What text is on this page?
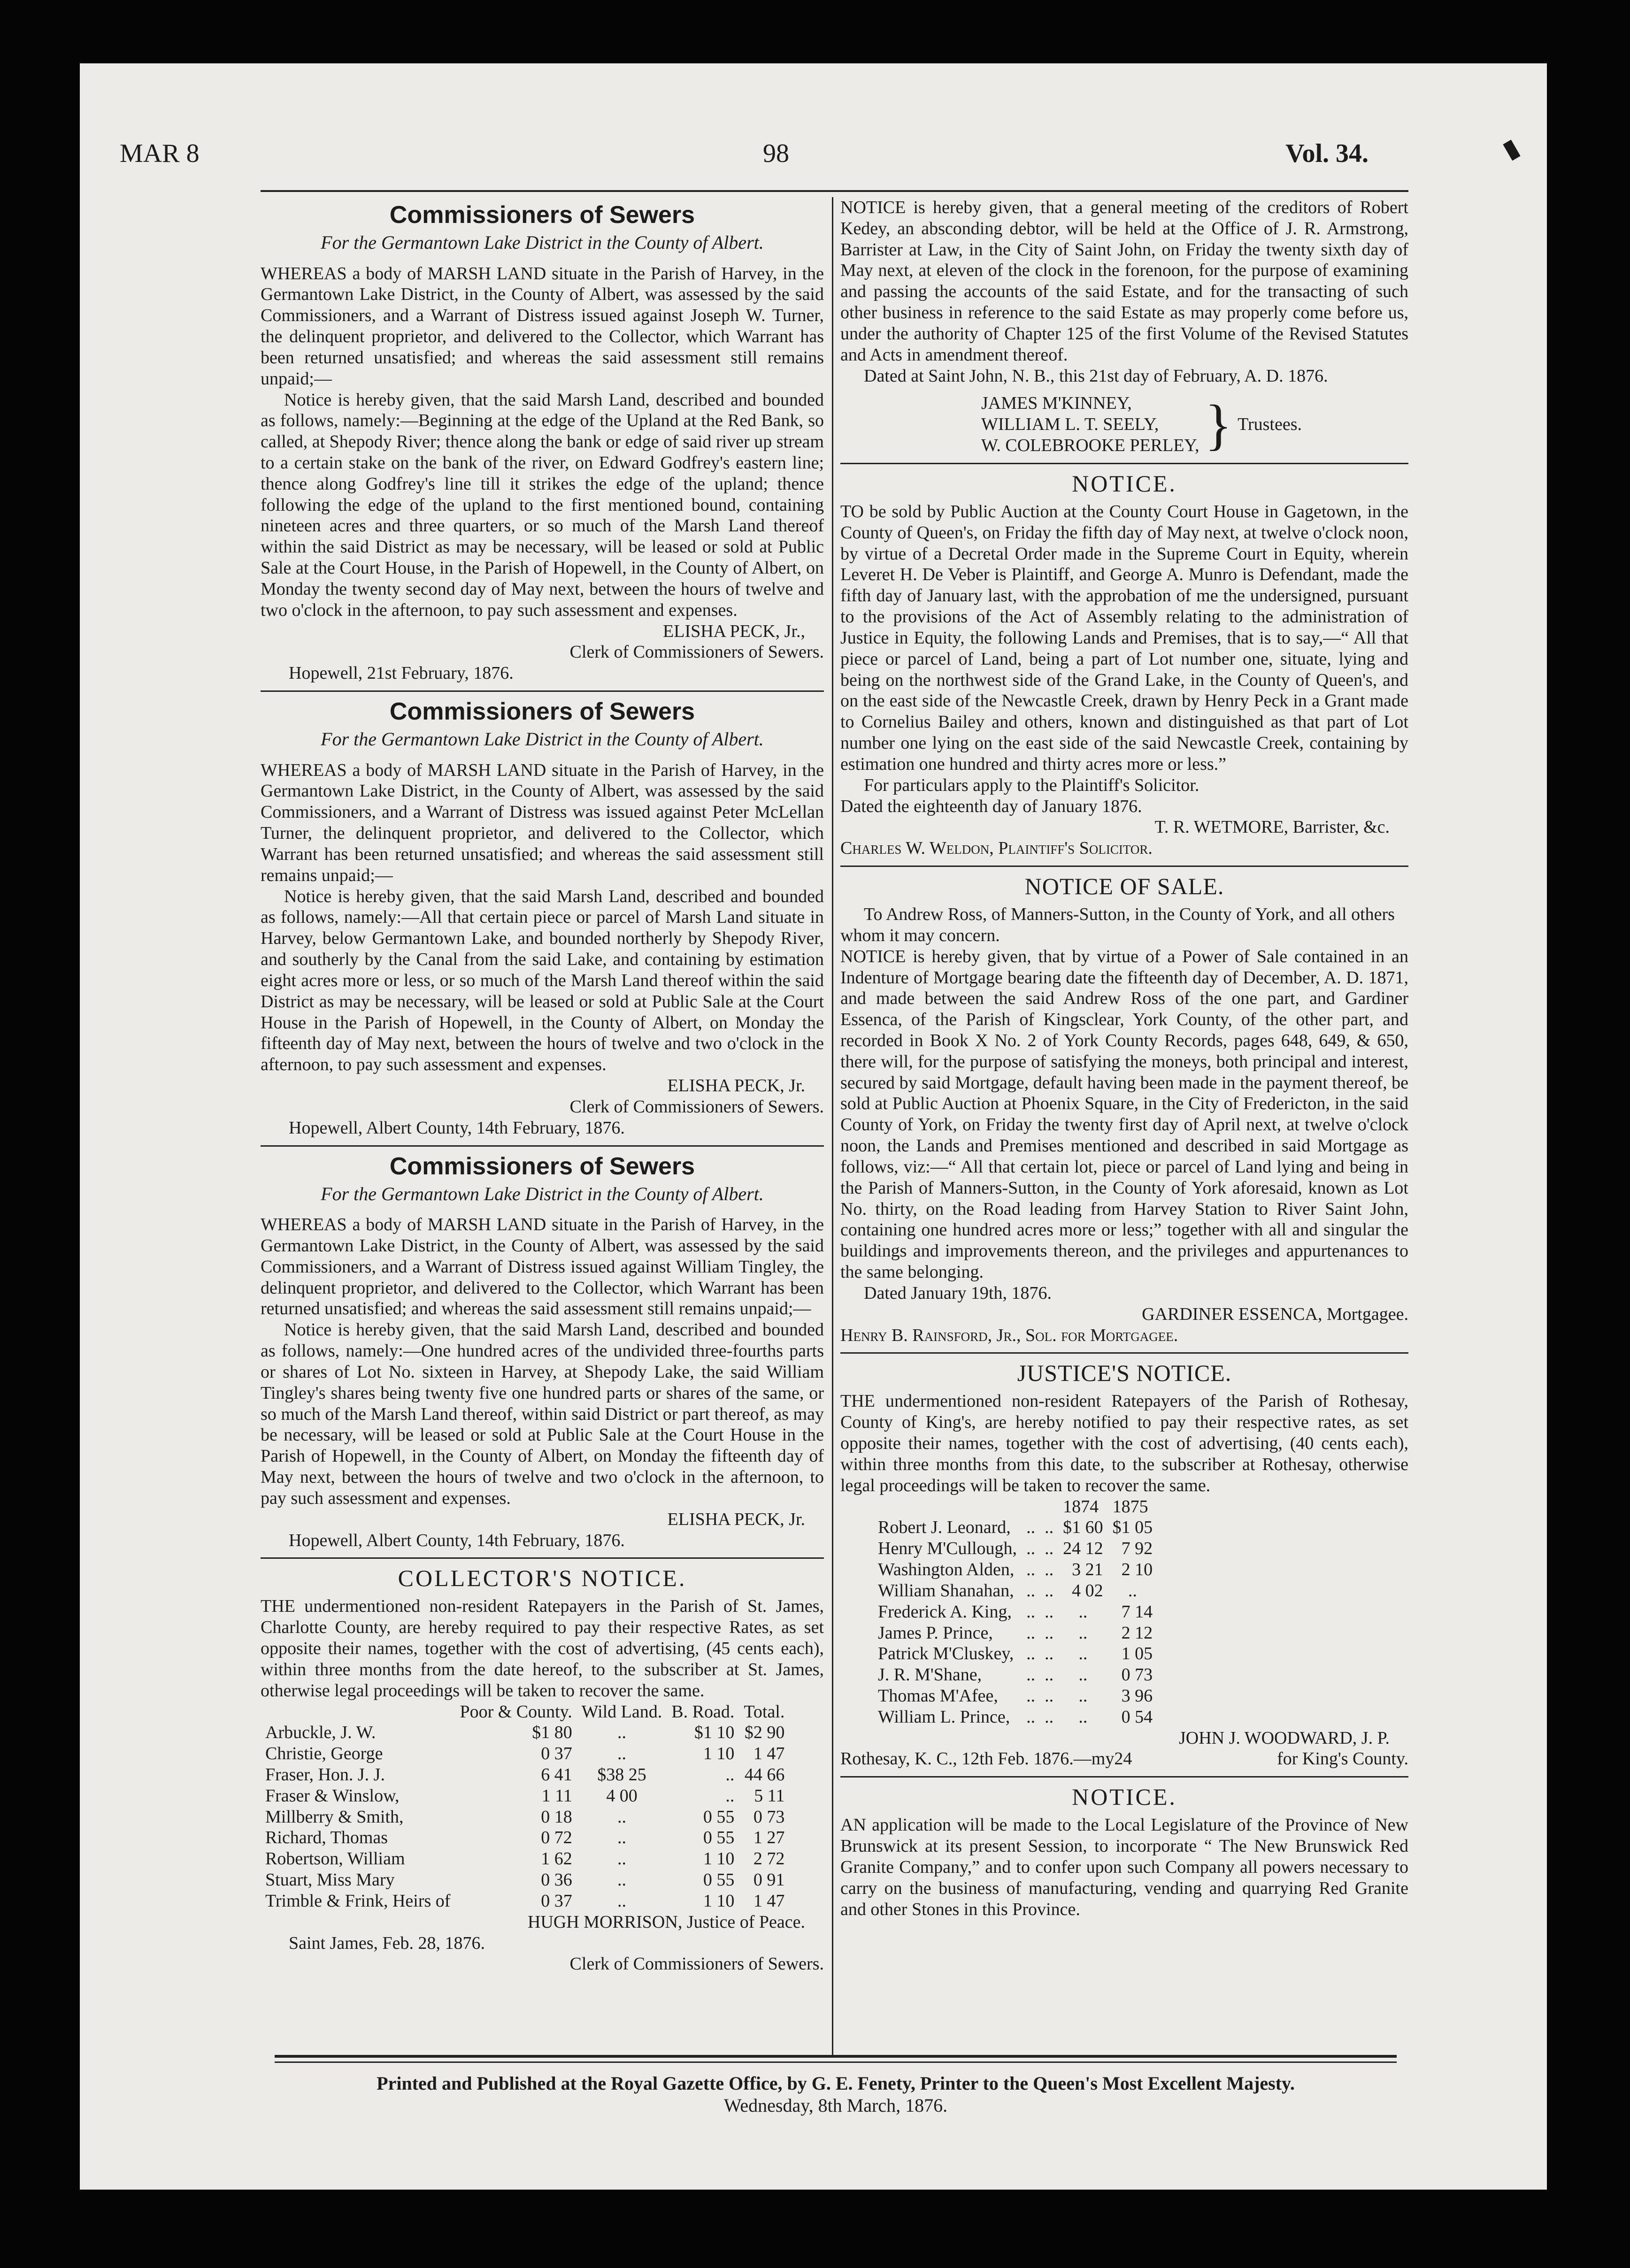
MAR 8	98	Vol. 34.
Commissioners of Sewers
For the Germantown Lake District in the County of Albert.

WHEREAS a body of MARSH LAND situate in the Parish of Harvey, in the Germantown Lake District, in the County of Albert, was assessed by the said Commissioners, and a Warrant of Distress issued against Joseph W. Turner, the delinquent proprietor, and delivered to the Collector, which Warrant has been returned unsatisfied; and whereas the said assessment still remains unpaid;—

Notice is hereby given, that the said Marsh Land, described and bounded as follows, namely:—Beginning at the edge of the Upland at the Red Bank, so called, at Shepody River; thence along the bank or edge of said river up stream to a certain stake on the bank of the river, on Edward Godfrey's eastern line; thence along Godfrey's line till it strikes the edge of the upland; thence following the edge of the upland to the first mentioned bound, containing nineteen acres and three quarters, or so much of the Marsh Land thereof within the said District as may be necessary, will be leased or sold at Public Sale at the Court House, in the Parish of Hopewell, in the County of Albert, on Monday the twenty second day of May next, between the hours of twelve and two o'clock in the afternoon, to pay such assessment and expenses.

ELISHA PECK, Jr.,

Clerk of Commissioners of Sewers.

Hopewell, 21st February, 1876.

Commissioners of Sewers
For the Germantown Lake District in the County of Albert.

WHEREAS a body of MARSH LAND situate in the Parish of Harvey, in the Germantown Lake District, in the County of Albert, was assessed by the said Commissioners, and a Warrant of Distress was issued against Peter McLellan Turner, the delinquent proprietor, and delivered to the Collector, which Warrant has been returned unsatisfied; and whereas the said assessment still remains unpaid;—

Notice is hereby given, that the said Marsh Land, described and bounded as follows, namely:—All that certain piece or parcel of Marsh Land situate in Harvey, below Germantown Lake, and bounded northerly by Shepody River, and southerly by the Canal from the said Lake, and containing by estimation eight acres more or less, or so much of the Marsh Land thereof within the said District as may be necessary, will be leased or sold at Public Sale at the Court House in the Parish of Hopewell, in the County of Albert, on Monday the fifteenth day of May next, between the hours of twelve and two o'clock in the afternoon, to pay such assessment and expenses.

ELISHA PECK, Jr.

Clerk of Commissioners of Sewers.

Hopewell, Albert County, 14th February, 1876.

Commissioners of Sewers
For the Germantown Lake District in the County of Albert.

WHEREAS a body of MARSH LAND situate in the Parish of Harvey, in the Germantown Lake District, in the County of Albert, was assessed by the said Commissioners, and a Warrant of Distress issued against William Tingley, the delinquent proprietor, and delivered to the Collector, which Warrant has been returned unsatisfied; and whereas the said assessment still remains unpaid;—

Notice is hereby given, that the said Marsh Land, described and bounded as follows, namely:—One hundred acres of the undivided three-fourths parts or shares of Lot No. sixteen in Harvey, at Shepody Lake, the said William Tingley's shares being twenty five one hundred parts or shares of the same, or so much of the Marsh Land thereof, within said District or part thereof, as may be necessary, will be leased or sold at Public Sale at the Court House in the Parish of Hopewell, in the County of Albert, on Monday the fifteenth day of May next, between the hours of twelve and two o'clock in the afternoon, to pay such assessment and expenses.

ELISHA PECK, Jr.

Hopewell, Albert County, 14th February, 1876.

COLLECTOR'S NOTICE.

THE undermentioned non-resident Ratepayers in the Parish of St. James, Charlotte County, are hereby required to pay their respective Rates, as set opposite their names, together with the cost of advertising, (45 cents each), within three months from the date hereof, to the subscriber at St. James, otherwise legal proceedings will be taken to recover the same.

	Poor & County.	Wild Land.	B. Road.	Total.
Arbuckle, J. W.	$1 80	..	$1 10	$2 90
Christie, George	0 37	..	1 10	1 47
Fraser, Hon. J. J.	6 41	$38 25	..	44 66
Fraser & Winslow,	1 11	4 00	..	5 11
Millberry & Smith,	0 18	..	0 55	0 73
Richard, Thomas	0 72	..	0 55	1 27
Robertson, William	1 62	..	1 10	2 72
Stuart, Miss Mary	0 36	..	0 55	0 91
Trimble & Frink, Heirs of	0 37	..	1 10	1 47

HUGH MORRISON, Justice of Peace.

Saint James, Feb. 28, 1876.

Clerk of Commissioners of Sewers.

NOTICE is hereby given, that a general meeting of the creditors of Robert Kedey, an absconding debtor, will be held at the Office of J. R. Armstrong, Barrister at Law, in the City of Saint John, on Friday the twenty sixth day of May next, at eleven of the clock in the forenoon, for the purpose of examining and passing the accounts of the said Estate, and for the transacting of such other business in reference to the said Estate as may properly come before us, under the authority of Chapter 125 of the first Volume of the Revised Statutes and Acts in amendment thereof.

Dated at Saint John, N. B., this 21st day of February, A. D. 1876.

JAMES M'KINNEY,
WILLIAM L. T. SEELY,
W. COLEBROOKE PERLEY, } Trustees.
NOTICE.

TO be sold by Public Auction at the County Court House in Gagetown, in the County of Queen's, on Friday the fifth day of May next, at twelve o'clock noon, by virtue of a Decretal Order made in the Supreme Court in Equity, wherein Leveret H. De Veber is Plaintiff, and George A. Munro is Defendant, made the fifth day of January last, with the approbation of me the undersigned, pursuant to the provisions of the Act of Assembly relating to the administration of Justice in Equity, the following Lands and Premises, that is to say,—“ All that piece or parcel of Land, being a part of Lot number one, situate, lying and being on the northwest side of the Grand Lake, in the County of Queen's, and on the east side of the Newcastle Creek, drawn by Henry Peck in a Grant made to Cornelius Bailey and others, known and distinguished as that part of Lot number one lying on the east side of the said Newcastle Creek, containing by estimation one hundred and thirty acres more or less.”

For particulars apply to the Plaintiff's Solicitor.

Dated the eighteenth day of January 1876.

T. R. WETMORE, Barrister, &c.

Charles W. Weldon, Plaintiff's Solicitor.

NOTICE OF SALE.

To Andrew Ross, of Manners-Sutton, in the County of York, and all others whom it may concern.

NOTICE is hereby given, that by virtue of a Power of Sale contained in an Indenture of Mortgage bearing date the fifteenth day of December, A. D. 1871, and made between the said Andrew Ross of the one part, and Gardiner Essenca, of the Parish of Kingsclear, York County, of the other part, and recorded in Book X No. 2 of York County Records, pages 648, 649, & 650, there will, for the purpose of satisfying the moneys, both principal and interest, secured by said Mortgage, default having been made in the payment thereof, be sold at Public Auction at Phoenix Square, in the City of Fredericton, in the said County of York, on Friday the twenty first day of April next, at twelve o'clock noon, the Lands and Premises mentioned and described in said Mortgage as follows, viz:—“ All that certain lot, piece or parcel of Land lying and being in the Parish of Manners-Sutton, in the County of York aforesaid, known as Lot No. thirty, on the Road leading from Harvey Station to River Saint John, containing one hundred acres more or less;” together with all and singular the buildings and improvements thereon, and the privileges and appurtenances to the same belonging.

Dated January 19th, 1876.

GARDINER ESSENCA, Mortgagee.

Henry B. Rainsford, Jr., Sol. for Mortgagee.

JUSTICE'S NOTICE.

THE undermentioned non-resident Ratepayers of the Parish of Rothesay, County of King's, are hereby notified to pay their respective rates, as set opposite their names, together with the cost of advertising, (40 cents each), within three months from this date, to the subscriber at Rothesay, otherwise legal proceedings will be taken to recover the same.

			1874	1875
Robert J. Leonard,	..	..	$1 60	$1 05
Henry M'Cullough,	..	..	24 12	7 92
Washington Alden,	..	..	3 21	2 10
William Shanahan,	..	..	4 02	..
Frederick A. King,	..	..	..	7 14
James P. Prince,	..	..	..	2 12
Patrick M'Cluskey,	..	..	..	1 05
J. R. M'Shane,	..	..	..	0 73
Thomas M'Afee,	..	..	..	3 96
William L. Prince,	..	..	..	0 54

JOHN J. WOODWARD, J. P.

Rothesay, K. C., 12th Feb. 1876.—my24	for King's County.

NOTICE.

AN application will be made to the Local Legislature of the Province of New Brunswick at its present Session, to incorporate “ The New Brunswick Red Granite Company,” and to confer upon such Company all powers necessary to carry on the business of manufacturing, vending and quarrying Red Granite and other Stones in this Province.

Printed and Published at the Royal Gazette Office, by G. E. Fenety, Printer to the Queen's Most Excellent Majesty.
Wednesday, 8th March, 1876.
